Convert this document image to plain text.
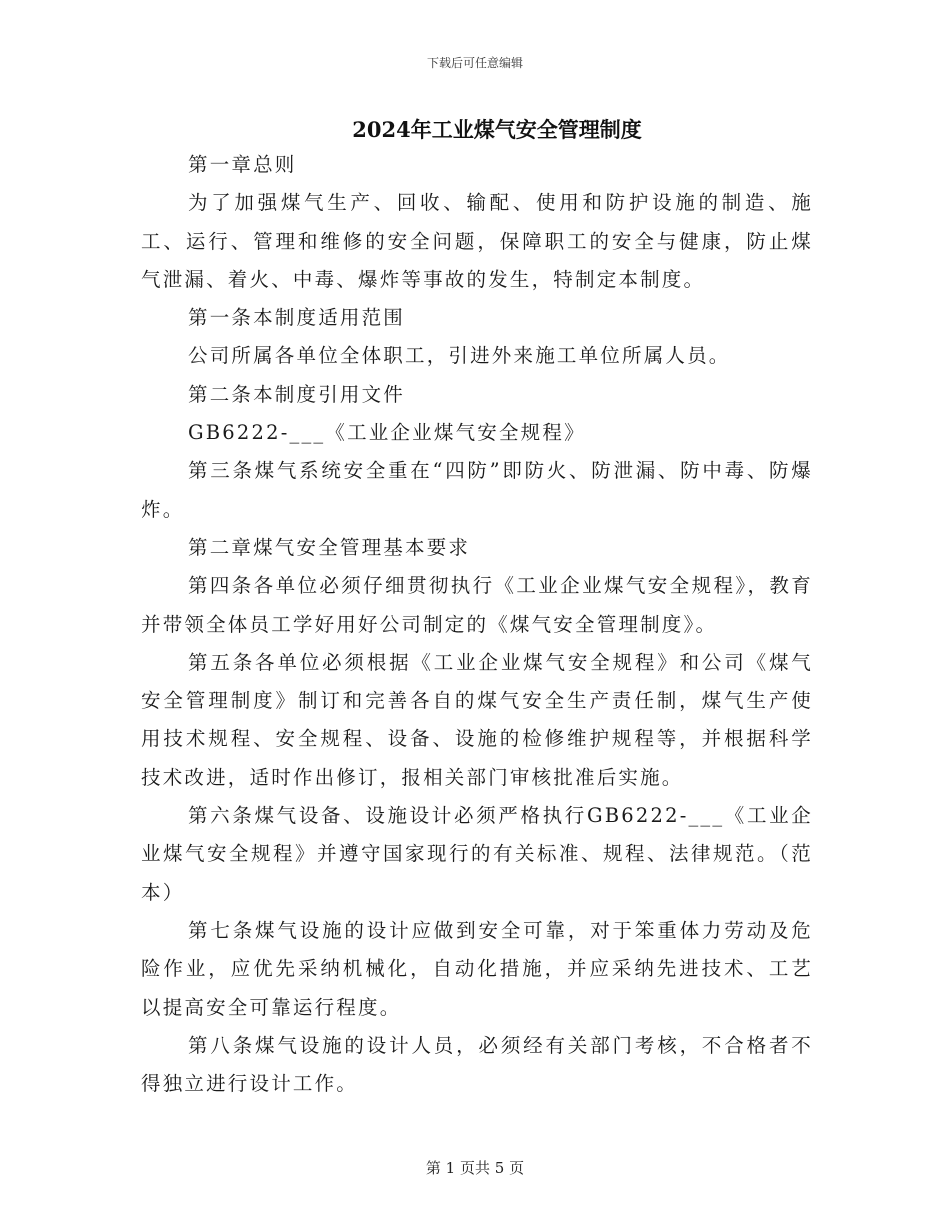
下载后可任意编辑
2024年工业煤气安全管理制度

第一章总则

为了加强煤气生产、回收、输配、使用和防护设施的制造、施工、运行、管理和维修的安全问题，保障职工的安全与健康，防止煤气泄漏、着火、中毒、爆炸等事故的发生，特制定本制度。

第一条本制度适用范围

公司所属各单位全体职工，引进外来施工单位所属人员。

第二条本制度引用文件

GB6222-___《工业企业煤气安全规程》

第三条煤气系统安全重在“四防”即防火、防泄漏、防中毒、防爆炸。

第二章煤气安全管理基本要求

第四条各单位必须仔细贯彻执行《工业企业煤气安全规程》，教育并带领全体员工学好用好公司制定的《煤气安全管理制度》。

第五条各单位必须根据《工业企业煤气安全规程》和公司《煤气安全管理制度》制订和完善各自的煤气安全生产责任制，煤气生产使用技术规程、安全规程、设备、设施的检修维护规程等，并根据科学技术改进，适时作出修订，报相关部门审核批准后实施。

第六条煤气设备、设施设计必须严格执行GB6222-___《工业企业煤气安全规程》并遵守国家现行的有关标准、规程、法律规范。（范本）

第七条煤气设施的设计应做到安全可靠，对于笨重体力劳动及危险作业，应优先采纳机械化，自动化措施，并应采纳先进技术、工艺以提高安全可靠运行程度。

第八条煤气设施的设计人员，必须经有关部门考核，不合格者不得独立进行设计工作。

第 1 页共 5 页
